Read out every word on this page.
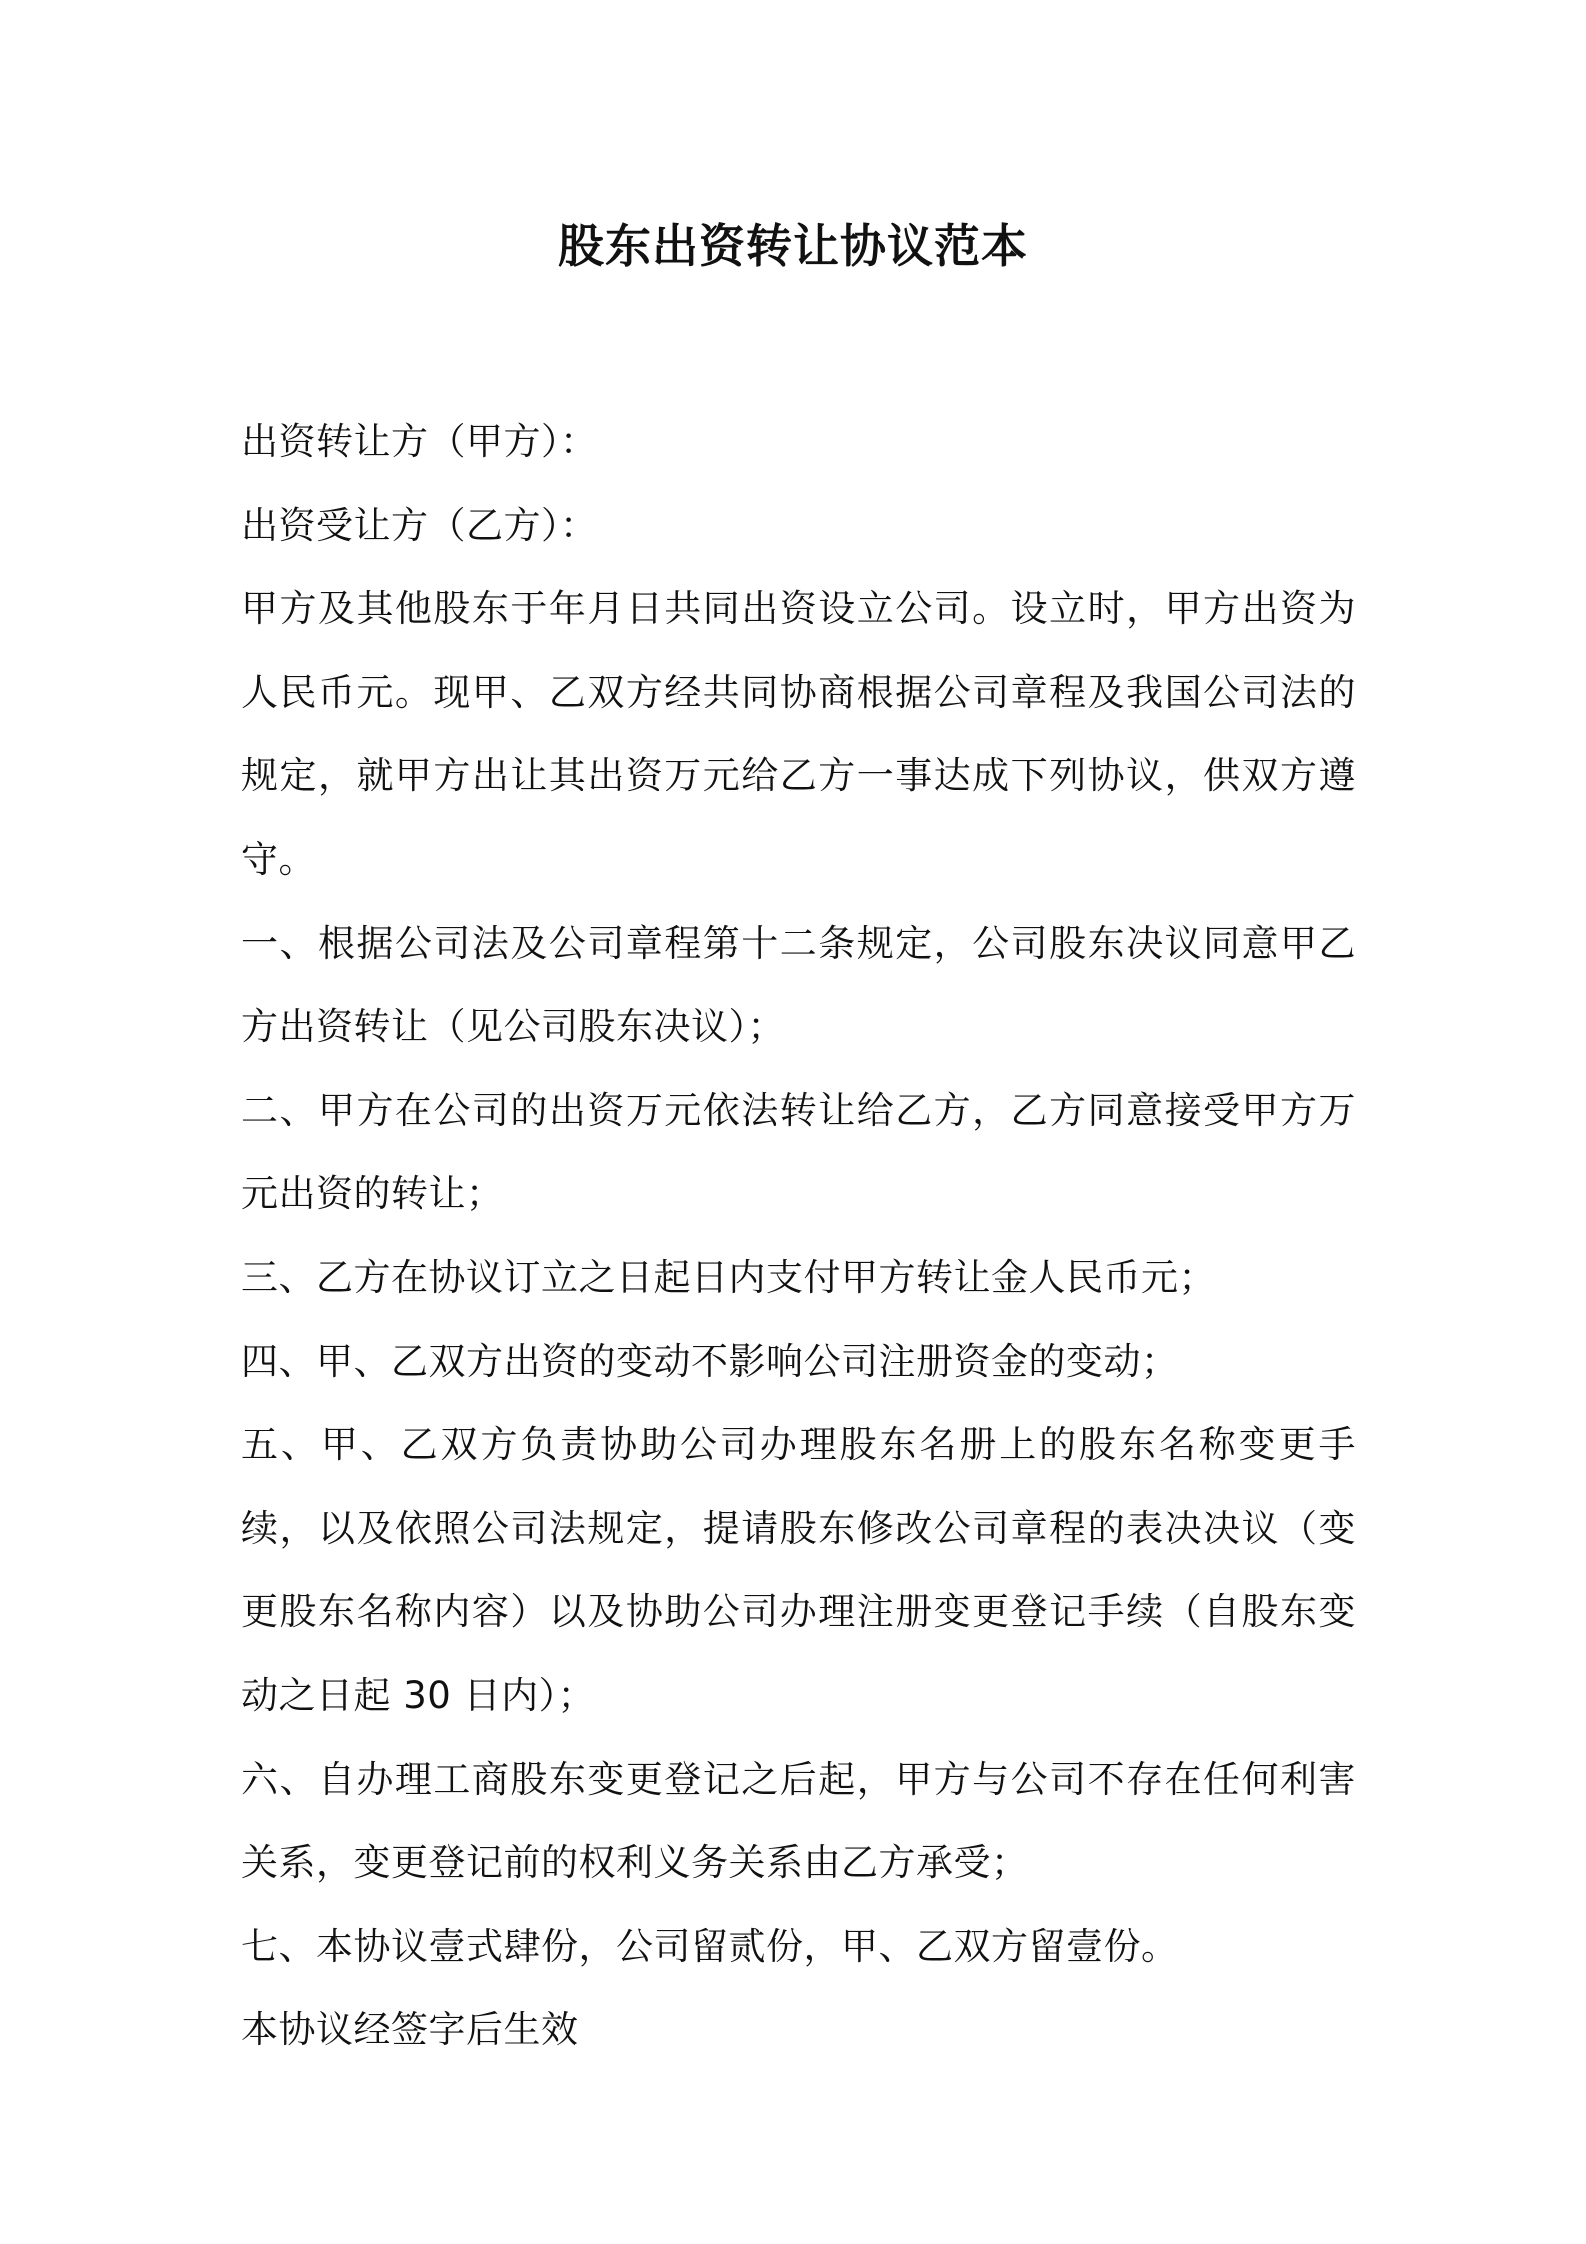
股东出资转让协议范本

出资转让方（甲方）：

出资受让方（乙方）：

甲方及其他股东于年月日共同出资设立公司。设立时，甲方出资为人民币元。现甲、乙双方经共同协商根据公司章程及我国公司法的规定，就甲方出让其出资万元给乙方一事达成下列协议，供双方遵守。

一、根据公司法及公司章程第十二条规定，公司股东决议同意甲乙方出资转让（见公司股东决议）；

二、甲方在公司的出资万元依法转让给乙方，乙方同意接受甲方万元出资的转让；

三、乙方在协议订立之日起日内支付甲方转让金人民币元；

四、甲、乙双方出资的变动不影响公司注册资金的变动；

五、甲、乙双方负责协助公司办理股东名册上的股东名称变更手续，以及依照公司法规定，提请股东修改公司章程的表决决议（变更股东名称内容）以及协助公司办理注册变更登记手续（自股东变动之日起 30 日内）；

六、自办理工商股东变更登记之后起，甲方与公司不存在任何利害关系，变更登记前的权利义务关系由乙方承受；

七、本协议壹式肆份，公司留贰份，甲、乙双方留壹份。

本协议经签字后生效
